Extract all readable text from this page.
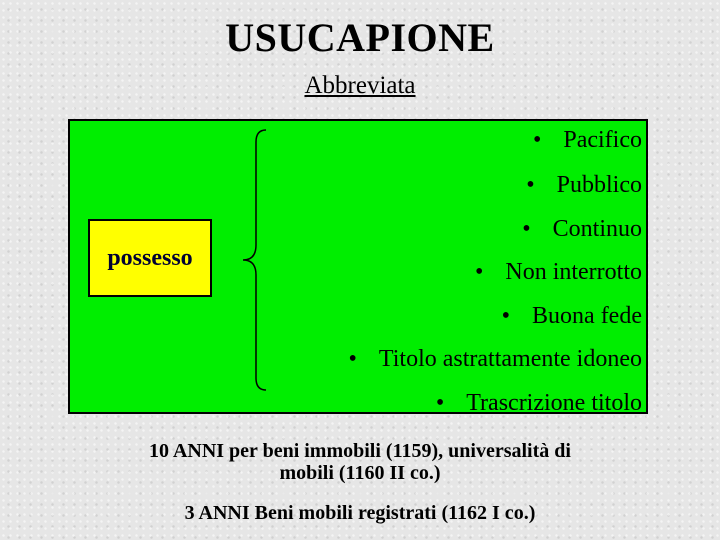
USUCAPIONE
Abbreviata
possesso
• Pacifico
• Pubblico
• Continuo
• Non interrotto
• Buona fede
• Titolo astrattamente idoneo
• Trascrizione titolo
10 ANNI per beni immobili (1159), universalità di
mobili (1160 II co.)
3 ANNI Beni mobili registrati (1162 I co.)
